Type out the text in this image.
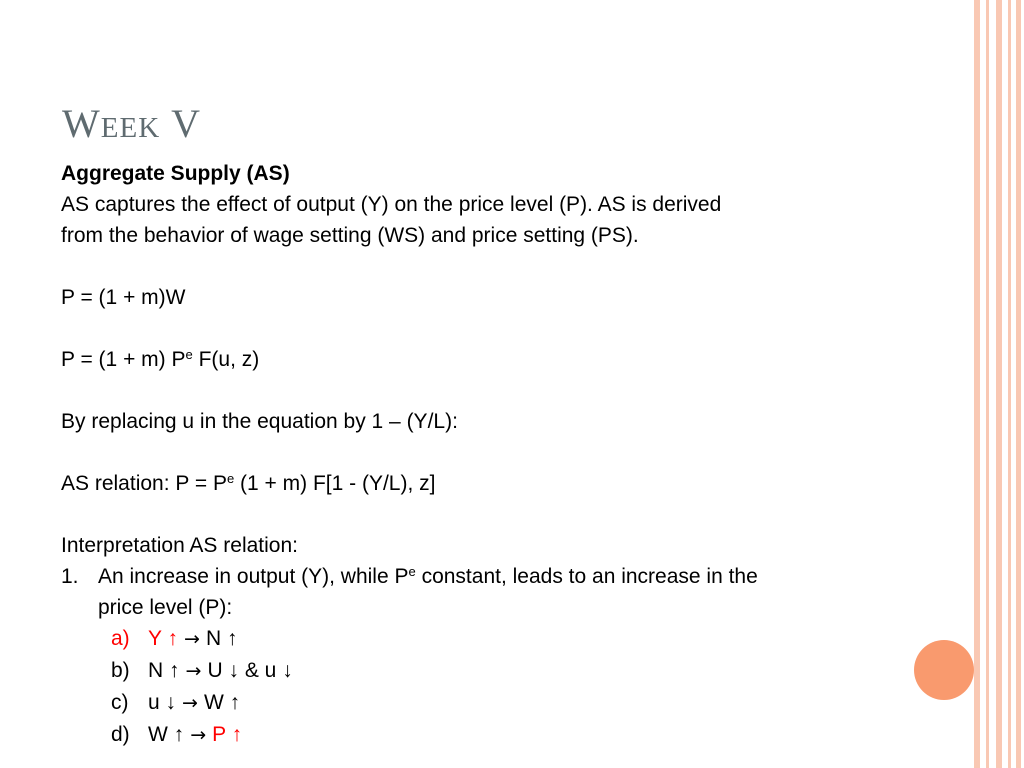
WEEK V
Aggregate Supply (AS)
AS captures the effect of output (Y) on the price level (P). AS is derived
from the behavior of wage setting (WS) and price setting (PS).
P = (1 + m)W
P = (1 + m) $P^e$ F(u, z)
By replacing u in the equation by 1 – (Y/L):
AS relation: $P = P^e$ (1 + m) F[1 - (Y/L), z]
Interpretation AS relation:
1. An increase in output (Y), while $P^e$ constant, leads to an increase in the
price level (P):
a) Y ↑ → N ↑
b) N ↑ → U ↓ & u ↓
c) u ↓ → W ↑
d) W ↑ → P ↑
